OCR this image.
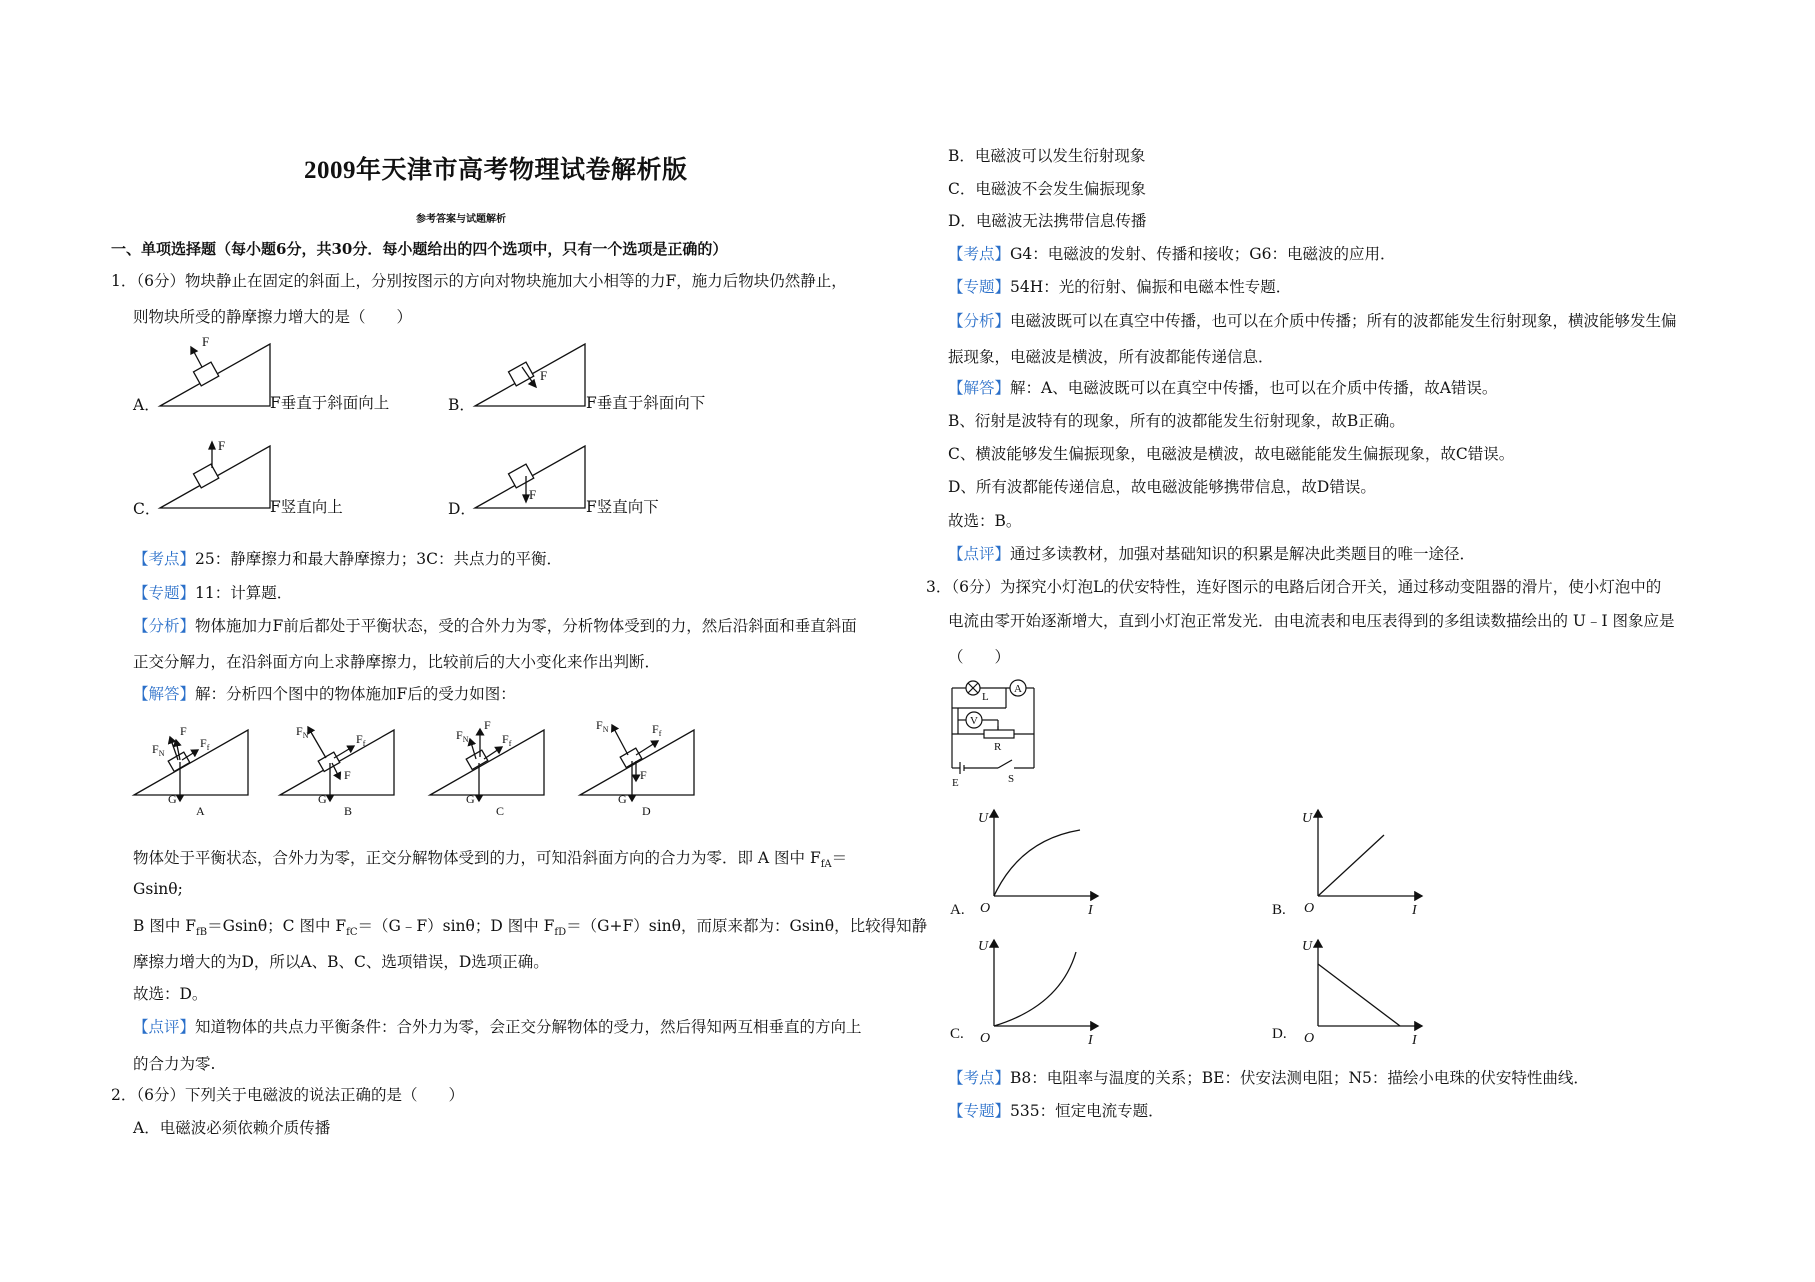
2009年天津市高考物理试卷解析版
参考答案与试题解析
一、单项选择题（每小题6分，共30分．每小题给出的四个选项中，只有一个选项是正确的）
1．（6分）物块静止在固定的斜面上，分别按图示的方向对物块施加大小相等的力F，施力后物块仍然静止，
则物块所受的静摩擦力增大的是（　　）
F
F
F
F
A．	F垂直于斜面向上	B．	F垂直于斜面向下
C．	F竖直向上	D．	F竖直向下
【考点】25：静摩擦力和最大静摩擦力；3C：共点力的平衡．
【专题】11：计算题．
【分析】物体施加力F前后都处于平衡状态，受的合外力为零，分析物体受到的力，然后沿斜面和垂直斜面
正交分解力，在沿斜面方向上求静摩擦力，比较前后的大小变化来作出判断．
【解答】解：分析四个图中的物体施加F后的受力如图：
$F_N$
F
$F_f$
G
A
$F_N$	$F_f$
F
G
B
$F_N$
F
$F_f$
G
C
$F_N$	$F_f$
F
G
D
物体处于平衡状态，合外力为零，正交分解物体受到的力，可知沿斜面方向的合力为零．即 A 图中 $F_{fA}=$
Gsinθ;
B 图中 $F_{fB}=Gsin\theta$；C 图中 $F_{fC}=(G﹣F)\sin\theta$；D 图中 $F_{fD}=(G+F)\sin\theta$，而原来都为：Gsinθ，比较得知静
摩擦力增大的为D，所以A、B、C、选项错误，D选项正确。
故选：D。
【点评】知道物体的共点力平衡条件：合外力为零，会正交分解物体的受力，然后得知两互相垂直的方向上
的合力为零.
2．（6分）下列关于电磁波的说法正确的是（　　）
A．电磁波必须依赖介质传播
B．电磁波可以发生衍射现象
C．电磁波不会发生偏振现象
D．电磁波无法携带信息传播
【考点】G4：电磁波的发射、传播和接收；G6：电磁波的应用．
【专题】54H：光的衍射、偏振和电磁本性专题．
【分析】电磁波既可以在真空中传播，也可以在介质中传播；所有的波都能发生衍射现象，横波能够发生偏
振现象，电磁波是横波，所有波都能传递信息．
【解答】解：A、电磁波既可以在真空中传播，也可以在介质中传播，故A错误。
B、衍射是波特有的现象，所有的波都能发生衍射现象，故B正确。
C、横波能够发生偏振现象，电磁波是横波，故电磁能能发生偏振现象，故C错误。
D、所有波都能传递信息，故电磁波能够携带信息，故D错误。
故选：B。
【点评】通过多读教材，加强对基础知识的积累是解决此类题目的唯一途径．
3．（6分）为探究小灯泡L的伏安特性，连好图示的电路后闭合开关，通过移动变阻器的滑片，使小灯泡中的
电流由零开始逐渐增大，直到小灯泡正常发光．由电流表和电压表得到的多组读数描绘出的 U﹣I 图象应是
（　　）
L
A
V
R
E	S
U
O	I
U
O	I
U
O	I
U
O	I
A.	B.
C.	D.
【考点】B8：电阻率与温度的关系；BE：伏安法测电阻；N5：描绘小电珠的伏安特性曲线．
【专题】535：恒定电流专题．
